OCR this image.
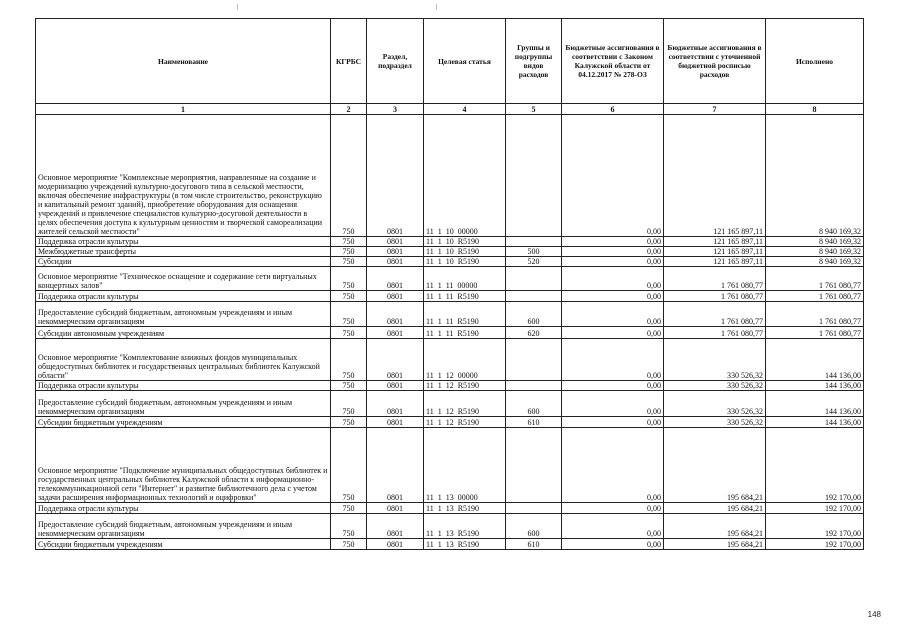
Наименование	КГРБС	Раздел, подраздел	Целевая статья	Группы и подгруппы видов расходов	Бюджетные ассигнования в соответствии с Законом Калужской области от 04.12.2017 № 278-ОЗ	Бюджетные ассигнования в соответствии с уточненной бюджетной росписью расходов	Исполнено
1	2	3	4	5	6	7	8
Основное мероприятие "Комплексные мероприятия, направленные на создание и модернизацию учреждений культурно-досугового типа в сельской местности, включая обеспечение инфраструктуры (в том числе строительство, реконструкцию и капитальный ремонт зданий), приобретение оборудования для оснащения учреждений и привлечение специалистов культурно-досуговой деятельности в целях обеспечения доступа к культурным ценностям и творческой самореализации жителей сельской местности"	750	0801	11 1 10 00000		0,00	121 165 897,11	8 940 169,32
Поддержка отрасли культуры	750	0801	11 1 10 R5190		0,00	121 165 897,11	8 940 169,32
Межбюджетные трансферты	750	0801	11 1 10 R5190	500	0,00	121 165 897,11	8 940 169,32
Субсидии	750	0801	11 1 10 R5190	520	0,00	121 165 897,11	8 940 169,32
Основное мероприятие "Техническое оснащение и содержание сети виртуальных концертных залов"	750	0801	11 1 11 00000		0,00	1 761 080,77	1 761 080,77
Поддержка отрасли культуры	750	0801	11 1 11 R5190		0,00	1 761 080,77	1 761 080,77
Предоставление субсидий бюджетным, автономным учреждениям и иным некоммерческим организациям	750	0801	11 1 11 R5190	600	0,00	1 761 080,77	1 761 080,77
Субсидии автономным учреждениям	750	0801	11 1 11 R5190	620	0,00	1 761 080,77	1 761 080,77
Основное мероприятие "Комплектование книжных фондов муниципальных общедоступных библиотек и государственных центральных библиотек Калужской области"	750	0801	11 1 12 00000		0,00	330 526,32	144 136,00
Поддержка отрасли культуры	750	0801	11 1 12 R5190		0,00	330 526,32	144 136,00
Предоставление субсидий бюджетным, автономным учреждениям и иным некоммерческим организациям	750	0801	11 1 12 R5190	600	0,00	330 526,32	144 136,00
Субсидии бюджетным учреждениям	750	0801	11 1 12 R5190	610	0,00	330 526,32	144 136,00
Основное мероприятие "Подключение муниципальных общедоступных библиотек и государственных центральных библиотек Калужской области к информационно-телекоммуникационной сети "Интернет" и развитие библиотечного дела с учетом задачи расширения информационных технологий и оцифровки"	750	0801	11 1 13 00000		0,00	195 684,21	192 170,00
Поддержка отрасли культуры	750	0801	11 1 13 R5190		0,00	195 684,21	192 170,00
Предоставление субсидий бюджетным, автономным учреждениям и иным некоммерческим организациям	750	0801	11 1 13 R5190	600	0,00	195 684,21	192 170,00
Субсидии бюджетным учреждениям	750	0801	11 1 13 R5190	610	0,00	195 684,21	192 170,00
148
